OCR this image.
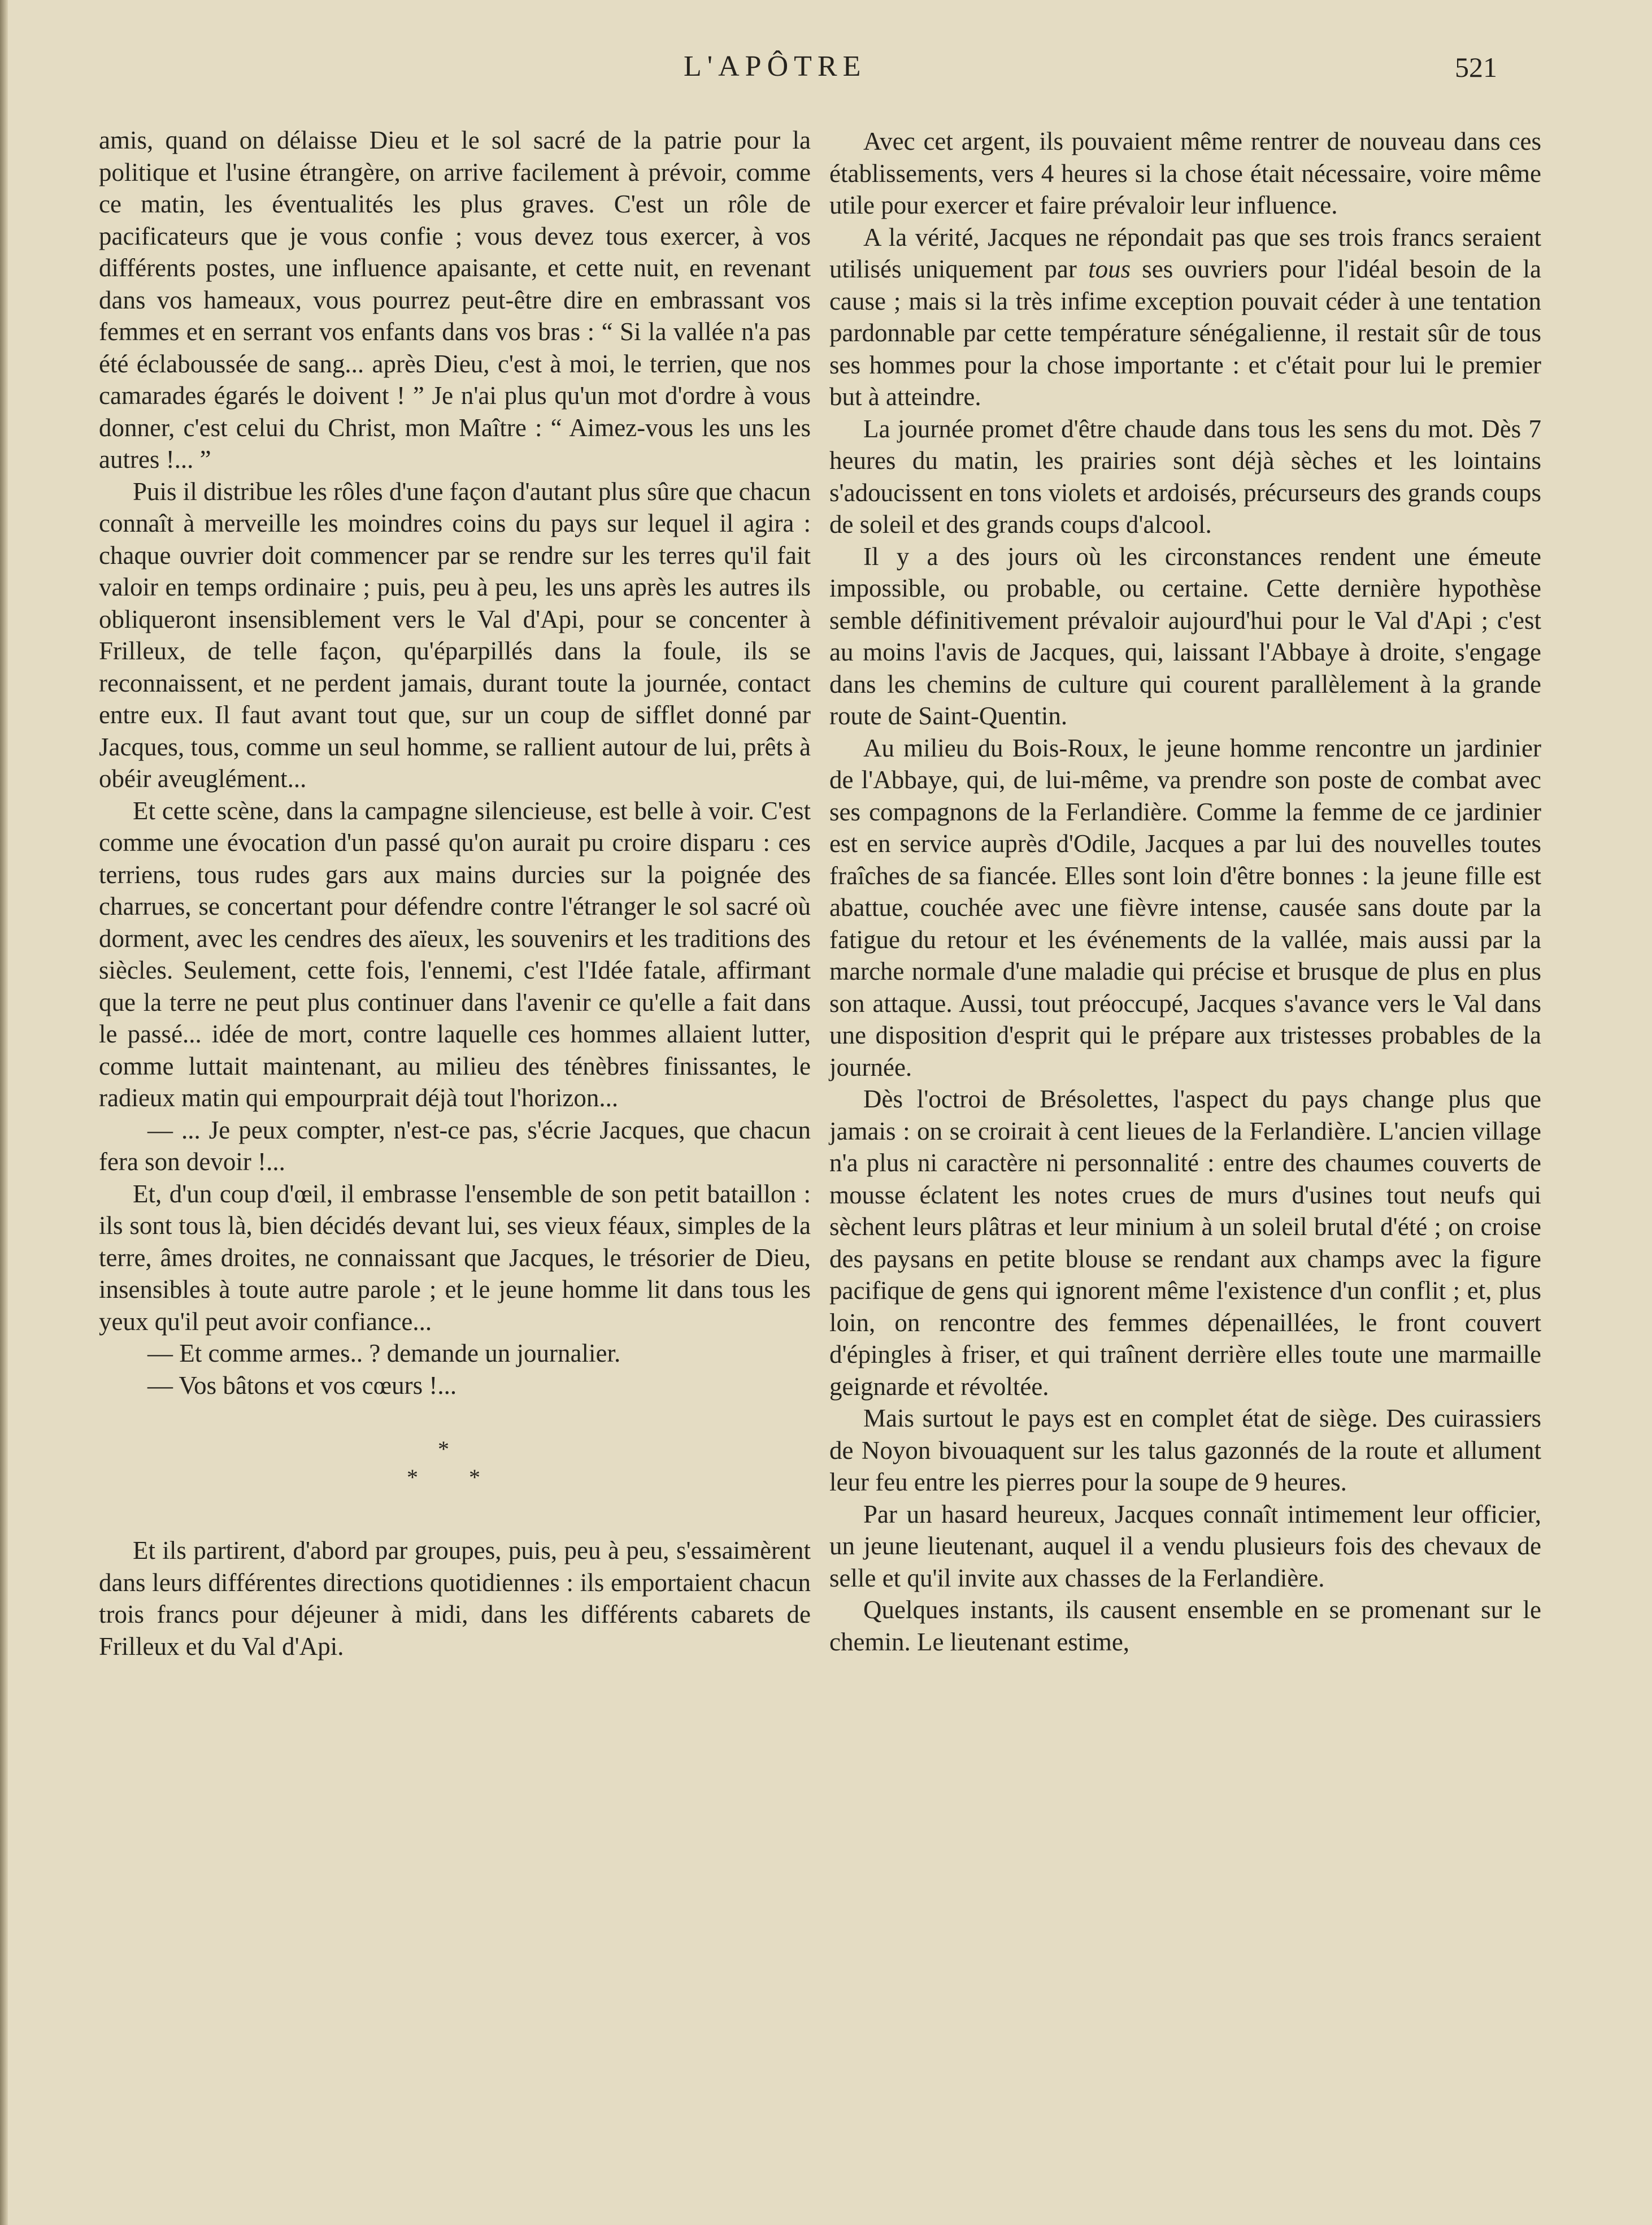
L'APÔTRE	521

amis, quand on délaisse Dieu et le sol sacré de la patrie pour la politique et l'usine étrangère, on arrive facilement à prévoir, comme ce matin, les éventualités les plus graves. C'est un rôle de pacificateurs que je vous confie ; vous devez tous exercer, à vos différents postes, une influence apaisante, et cette nuit, en revenant dans vos hameaux, vous pourrez peut-être dire en embrassant vos femmes et en serrant vos enfants dans vos bras : “ Si la vallée n'a pas été éclaboussée de sang... après Dieu, c'est à moi, le terrien, que nos camarades égarés le doivent ! ” Je n'ai plus qu'un mot d'ordre à vous donner, c'est celui du Christ, mon Maître : “ Aimez-vous les uns les autres !... ”

Puis il distribue les rôles d'une façon d'autant plus sûre que chacun connaît à merveille les moindres coins du pays sur lequel il agira : chaque ouvrier doit commencer par se rendre sur les terres qu'il fait valoir en temps ordinaire ; puis, peu à peu, les uns après les autres ils obliqueront insensiblement vers le Val d'Api, pour se concenter à Frilleux, de telle façon, qu'éparpillés dans la foule, ils se reconnaissent, et ne perdent jamais, durant toute la journée, contact entre eux. Il faut avant tout que, sur un coup de sifflet donné par Jacques, tous, comme un seul homme, se rallient autour de lui, prêts à obéir aveuglément...

Et cette scène, dans la campagne silencieuse, est belle à voir. C'est comme une évocation d'un passé qu'on aurait pu croire disparu : ces terriens, tous rudes gars aux mains durcies sur la poignée des charrues, se concertant pour défendre contre l'étranger le sol sacré où dorment, avec les cendres des aïeux, les souvenirs et les traditions des siècles. Seulement, cette fois, l'ennemi, c'est l'Idée fatale, affirmant que la terre ne peut plus continuer dans l'avenir ce qu'elle a fait dans le passé... idée de mort, contre laquelle ces hommes allaient lutter, comme luttait maintenant, au milieu des ténèbres finissantes, le radieux matin qui empourprait déjà tout l'horizon...

— ... Je peux compter, n'est-ce pas, s'écrie Jacques, que chacun fera son devoir !...

Et, d'un coup d'œil, il embrasse l'ensemble de son petit bataillon : ils sont tous là, bien décidés devant lui, ses vieux féaux, simples de la terre, âmes droites, ne connaissant que Jacques, le trésorier de Dieu, insensibles à toute autre parole ; et le jeune homme lit dans tous les yeux qu'il peut avoir confiance...

— Et comme armes.. ? demande un journalier.

— Vos bâtons et vos cœurs !...

*
* *

Et ils partirent, d'abord par groupes, puis, peu à peu, s'essaimèrent dans leurs différentes directions quotidiennes : ils emportaient chacun trois francs pour déjeuner à midi, dans les différents cabarets de Frilleux et du Val d'Api.

Avec cet argent, ils pouvaient même rentrer de nouveau dans ces établissements, vers 4 heures si la chose était nécessaire, voire même utile pour exercer et faire prévaloir leur influence.

A la vérité, Jacques ne répondait pas que ses trois francs seraient utilisés uniquement par tous ses ouvriers pour l'idéal besoin de la cause ; mais si la très infime exception pouvait céder à une tentation pardonnable par cette température sénégalienne, il restait sûr de tous ses hommes pour la chose importante : et c'était pour lui le premier but à atteindre.

La journée promet d'être chaude dans tous les sens du mot. Dès 7 heures du matin, les prairies sont déjà sèches et les lointains s'adoucissent en tons violets et ardoisés, précurseurs des grands coups de soleil et des grands coups d'alcool.

Il y a des jours où les circonstances rendent une émeute impossible, ou probable, ou certaine. Cette dernière hypothèse semble définitivement prévaloir aujourd'hui pour le Val d'Api ; c'est au moins l'avis de Jacques, qui, laissant l'Abbaye à droite, s'engage dans les chemins de culture qui courent parallèlement à la grande route de Saint-Quentin.

Au milieu du Bois-Roux, le jeune homme rencontre un jardinier de l'Abbaye, qui, de lui-même, va prendre son poste de combat avec ses compagnons de la Ferlandière. Comme la femme de ce jardinier est en service auprès d'Odile, Jacques a par lui des nouvelles toutes fraîches de sa fiancée. Elles sont loin d'être bonnes : la jeune fille est abattue, couchée avec une fièvre intense, causée sans doute par la fatigue du retour et les événements de la vallée, mais aussi par la marche normale d'une maladie qui précise et brusque de plus en plus son attaque. Aussi, tout préoccupé, Jacques s'avance vers le Val dans une disposition d'esprit qui le prépare aux tristesses probables de la journée.

Dès l'octroi de Brésolettes, l'aspect du pays change plus que jamais : on se croirait à cent lieues de la Ferlandière. L'ancien village n'a plus ni caractère ni personnalité : entre des chaumes couverts de mousse éclatent les notes crues de murs d'usines tout neufs qui sèchent leurs plâtras et leur minium à un soleil brutal d'été ; on croise des paysans en petite blouse se rendant aux champs avec la figure pacifique de gens qui ignorent même l'existence d'un conflit ; et, plus loin, on rencontre des femmes dépenaillées, le front couvert d'épingles à friser, et qui traînent derrière elles toute une marmaille geignarde et révoltée.

Mais surtout le pays est en complet état de siège. Des cuirassiers de Noyon bivouaquent sur les talus gazonnés de la route et allument leur feu entre les pierres pour la soupe de 9 heures.

Par un hasard heureux, Jacques connaît intimement leur officier, un jeune lieutenant, auquel il a vendu plusieurs fois des chevaux de selle et qu'il invite aux chasses de la Ferlandière.

Quelques instants, ils causent ensemble en se promenant sur le chemin. Le lieutenant estime,
